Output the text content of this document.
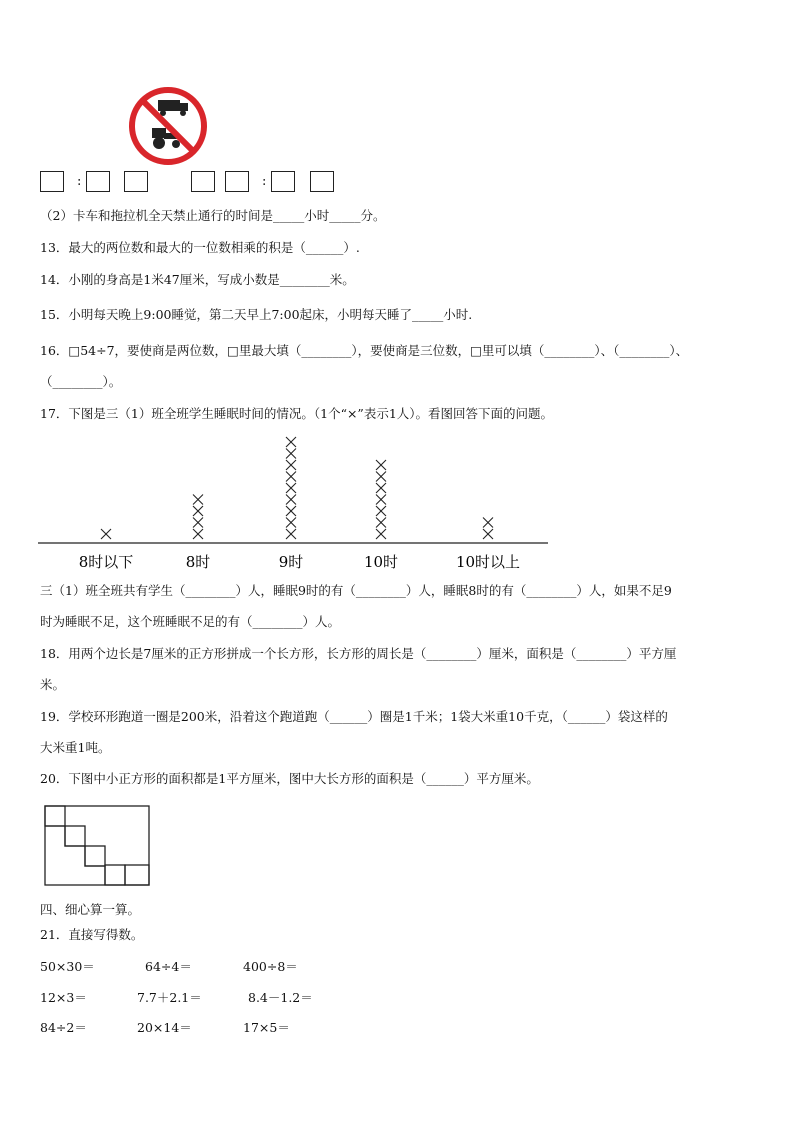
:	:
（2）卡车和拖拉机全天禁止通行的时间是_____小时_____分。
13．最大的两位数和最大的一位数相乘的积是（______）.
14．小刚的身高是1米47厘米，写成小数是________米。
15．小明每天晚上9:00睡觉，第二天早上7:00起床，小明每天睡了_____小时.
16．□54÷7，要使商是两位数，□里最大填（________），要使商是三位数，□里可以填（________）、（________）、
（________）。
17．下图是三（1）班全班学生睡眠时间的情况。（1个“×”表示1人）。看图回答下面的问题。
8时以下	8时	9时	10时	10时以上
三（1）班全班共有学生（________）人，睡眠9时的有（________）人，睡眠8时的有（________）人，如果不足9
时为睡眠不足，这个班睡眠不足的有（________）人。
18．用两个边长是7厘米的正方形拼成一个长方形，长方形的周长是（________）厘米，面积是（________）平方厘
米。
19．学校环形跑道一圈是200米，沿着这个跑道跑（______）圈是1千米；1袋大米重10千克，（______）袋这样的
大米重1吨。
20．下图中小正方形的面积都是1平方厘米，图中大长方形的面积是（______）平方厘米。
四、细心算一算。
21．直接写得数。
50×30＝	64÷4＝	400÷8＝
12×3＝	7.7＋2.1＝	8.4－1.2＝
84÷2＝	20×14＝	17×5＝
